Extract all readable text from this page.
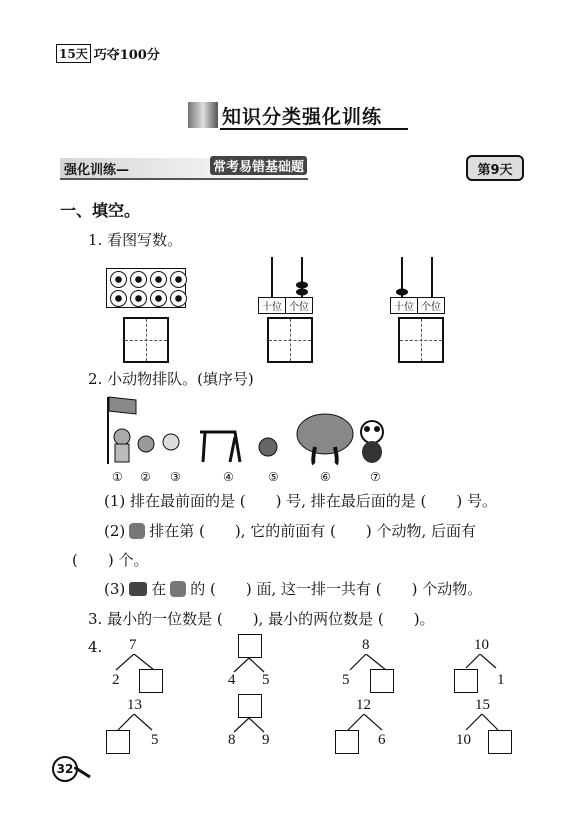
15天 巧夺100分
知识分类强化训练
强化训练—	常考易错基础题	第9天
一、填空。
1. 看图写数。
十位 个位	十位 个位
2. 小动物排队。(填序号)
① ② ③	④	⑤	⑥	⑦
(1) 排在最前面的是 (　　) 号, 排在最后面的是 (　　) 号。
(2) 排在第 (　　), 它的前面有 (　　) 个动物, 后面有
(　　) 个。
(3) 在 的 (　　) 面, 这一排一共有 (　　) 个动物。
3. 最小的一位数是 (　　), 最小的两位数是 (　　)。
4. 7
2	4 5
8
5
10
1
13
5	8 9
12
6
15
10
32
